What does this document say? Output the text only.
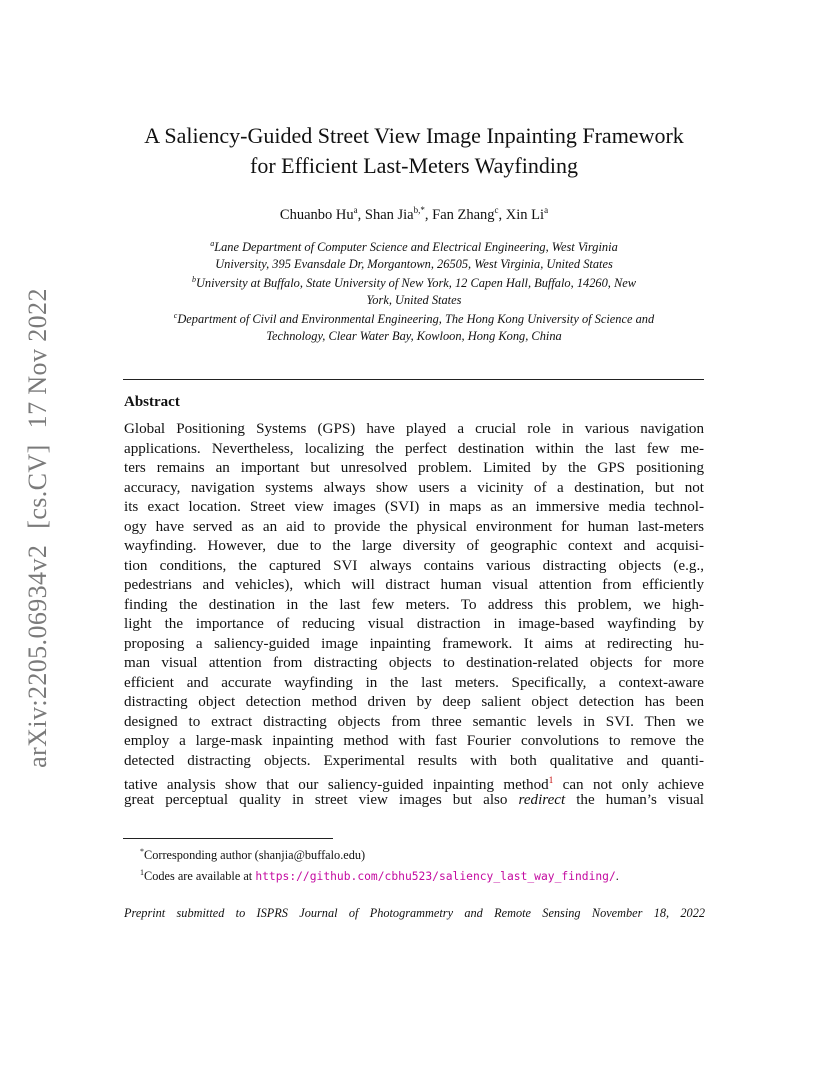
arXiv:2205.06934v2[cs.CV]17 Nov 2022
A Saliency-Guided Street View Image Inpainting Framework
for Efficient Last-Meters Wayfinding
Chuanbo Hu$^a$, Shan Jia$^{b,*}$, Fan Zhang$^c$, Xin Li$^a$
$^a$Lane Department of Computer Science and Electrical Engineering, West Virginia
University, 395 Evansdale Dr, Morgantown, 26505, West Virginia, United States
$^b$University at Buffalo, State University of New York, 12 Capen Hall, Buffalo, 14260, New
York, United States
$^c$Department of Civil and Environmental Engineering, The Hong Kong University of Science and
Technology, Clear Water Bay, Kowloon, Hong Kong, China
Abstract
Global Positioning Systems (GPS) have played a crucial role in various navigation
applications. Nevertheless, localizing the perfect destination within the last few me-
ters remains an important but unresolved problem. Limited by the GPS positioning
accuracy, navigation systems always show users a vicinity of a destination, but not
its exact location. Street view images (SVI) in maps as an immersive media technol-
ogy have served as an aid to provide the physical environment for human last-meters
wayfinding. However, due to the large diversity of geographic context and acquisi-
tion conditions, the captured SVI always contains various distracting objects (e.g.,
pedestrians and vehicles), which will distract human visual attention from efficiently
finding the destination in the last few meters. To address this problem, we high-
light the importance of reducing visual distraction in image-based wayfinding by
proposing a saliency-guided image inpainting framework. It aims at redirecting hu-
man visual attention from distracting objects to destination-related objects for more
efficient and accurate wayfinding in the last meters. Specifically, a context-aware
distracting object detection method driven by deep salient object detection has been
designed to extract distracting objects from three semantic levels in SVI. Then we
employ a large-mask inpainting method with fast Fourier convolutions to remove the
detected distracting objects. Experimental results with both qualitative and quanti-
tative analysis show that our saliency-guided inpainting method$^1$ can not only achieve
great perceptual quality in street view images but also redirect the human’s visual
*Corresponding author (shanjia@buffalo.edu)
$^1$Codes are available at https://github.com/cbhu523/saliency_last_way_finding/.
Preprint submitted to ISPRS Journal of Photogrammetry and Remote Sensing November 18, 2022
